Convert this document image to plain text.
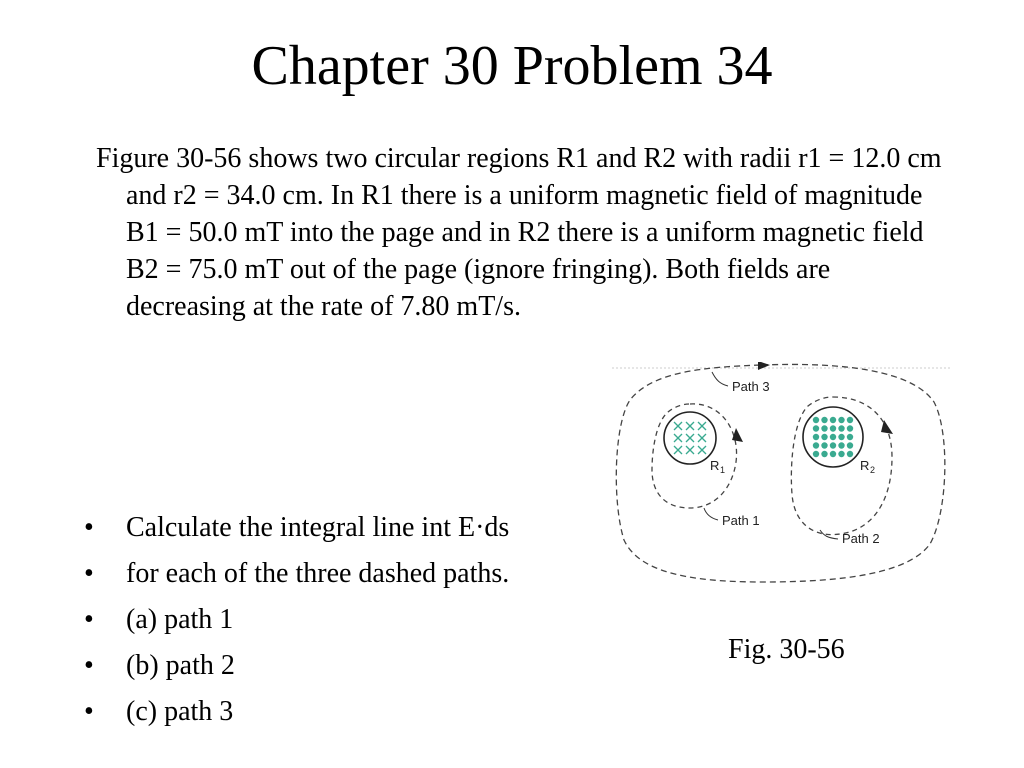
Chapter 30 Problem 34
Figure 30-56 shows two circular regions R1 and R2 with radii r1 = 12.0 cm and r2 = 34.0 cm. In R1 there is a uniform magnetic field of magnitude B1 = 50.0 mT into the page and in R2 there is a uniform magnetic field B2 = 75.0 mT out of the page (ignore fringing). Both fields are decreasing at the rate of 7.80 mT/s.
• Calculate the integral line int E·ds
• for each of the three dashed paths.
• (a) path 1
• (b) path 2
• (c) path 3
Path 3
Path 1
Path 2
R 1	R 2
Fig. 30-56
